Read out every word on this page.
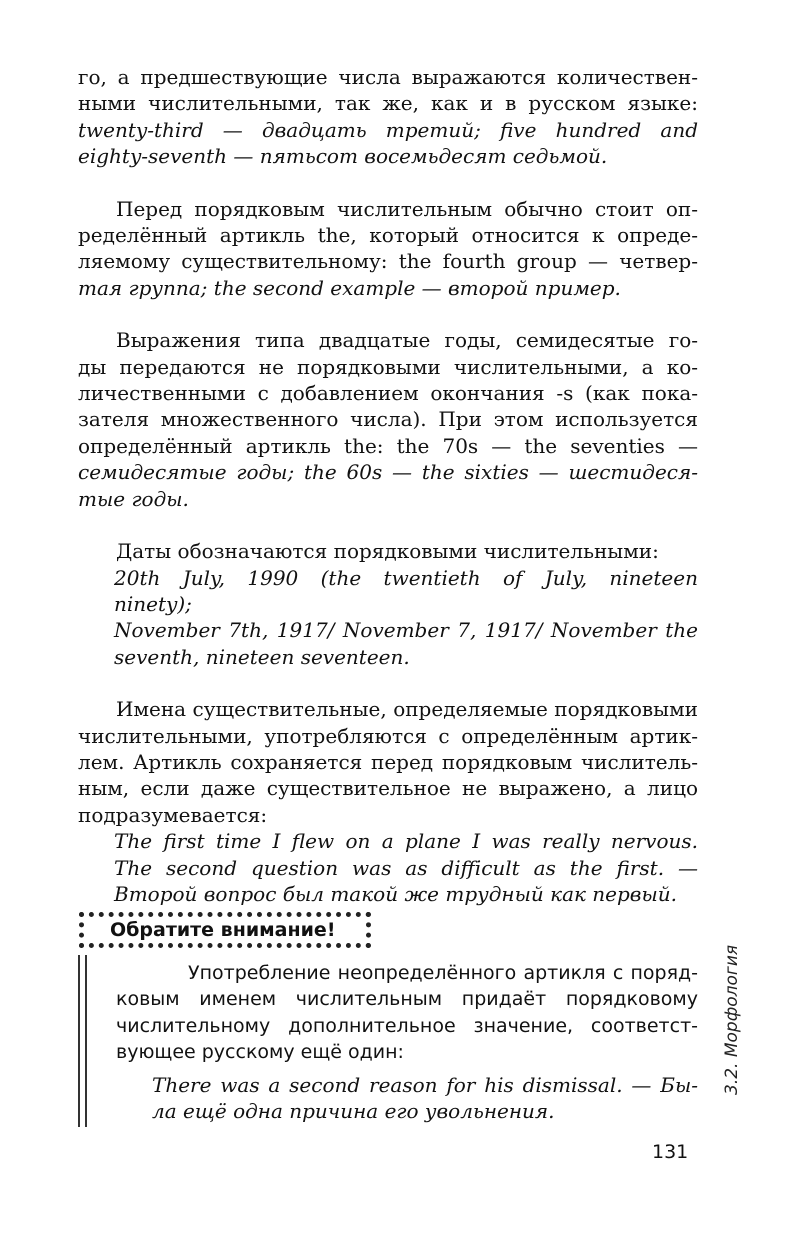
го, а предшествующие числа выражаются количествен-
ными числительными, так же, как и в русском языке:
twenty-third — двадцать третий; five hundred and
eighty-seventh — пятьсот восемьдесят седьмой.
Перед порядковым числительным обычно стоит оп-
ределённый артикль the, который относится к опреде-
ляемому существительному: the fourth group — четвер-
тая группа; the second example — второй пример.
Выражения типа двадцатые годы, семидесятые го-
ды передаются не порядковыми числительными, а ко-
личественными с добавлением окончания -s (как пока-
зателя множественного числа). При этом используется
определённый артикль the: the 70s — the seventies —
семидесятые годы; the 60s — the sixties — шестидеся-
тые годы.
Даты обозначаются порядковыми числительными:
20th July, 1990 (the twentieth of July, nineteen
ninety);
November 7th, 1917/ November 7, 1917/ November the
seventh, nineteen seventeen.
Имена существительные, определяемые порядковыми
числительными, употребляются с определённым артик-
лем. Артикль сохраняется перед порядковым числитель-
ным, если даже существительное не выражено, а лицо
подразумевается:
The first time I flew on a plane I was really nervous.
The second question was as difficult as the first. —
Второй вопрос был такой же трудный как первый.
Обратите внимание!
Употребление неопределённого артикля с поряд-
ковым именем числительным придаёт порядковому
числительному дополнительное значение, соответст-
вующее русскому ещё один:
There was a second reason for his dismissal. — Бы-
ла ещё одна причина его увольнения.
131
3.2. Морфология
